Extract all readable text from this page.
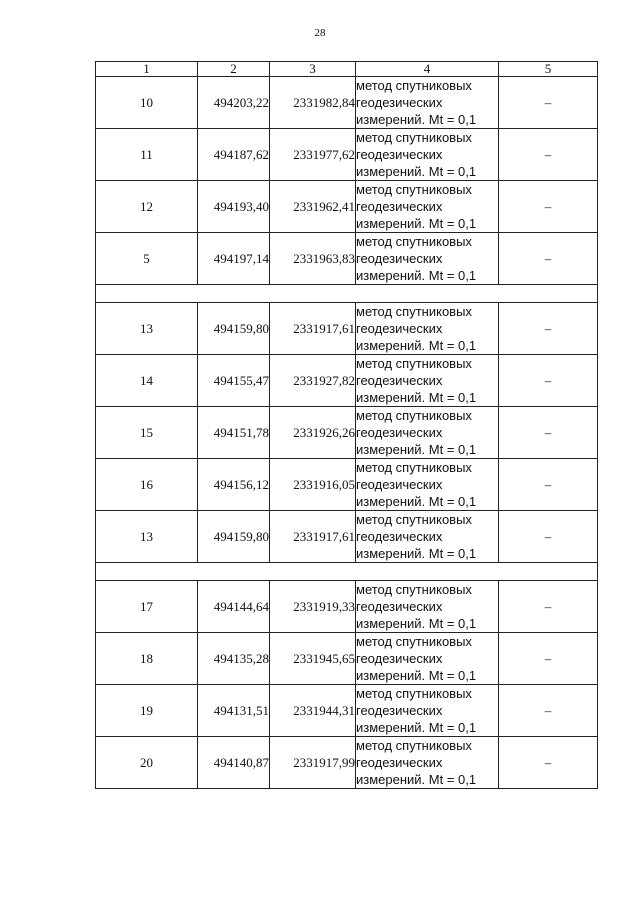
28
1	2	3	4	5
10	494203,22	2331982,84	метод спутниковых
геодезических
измерений. Mt = 0,1	–
11	494187,62	2331977,62	метод спутниковых
геодезических
измерений. Mt = 0,1	–
12	494193,40	2331962,41	метод спутниковых
геодезических
измерений. Mt = 0,1	–
5	494197,14	2331963,83	метод спутниковых
геодезических
измерений. Mt = 0,1	–

13	494159,80	2331917,61	метод спутниковых
геодезических
измерений. Mt = 0,1	–
14	494155,47	2331927,82	метод спутниковых
геодезических
измерений. Mt = 0,1	–
15	494151,78	2331926,26	метод спутниковых
геодезических
измерений. Mt = 0,1	–
16	494156,12	2331916,05	метод спутниковых
геодезических
измерений. Mt = 0,1	–
13	494159,80	2331917,61	метод спутниковых
геодезических
измерений. Mt = 0,1	–

17	494144,64	2331919,33	метод спутниковых
геодезических
измерений. Mt = 0,1	–
18	494135,28	2331945,65	метод спутниковых
геодезических
измерений. Mt = 0,1	–
19	494131,51	2331944,31	метод спутниковых
геодезических
измерений. Mt = 0,1	–
20	494140,87	2331917,99	метод спутниковых
геодезических
измерений. Mt = 0,1	–
